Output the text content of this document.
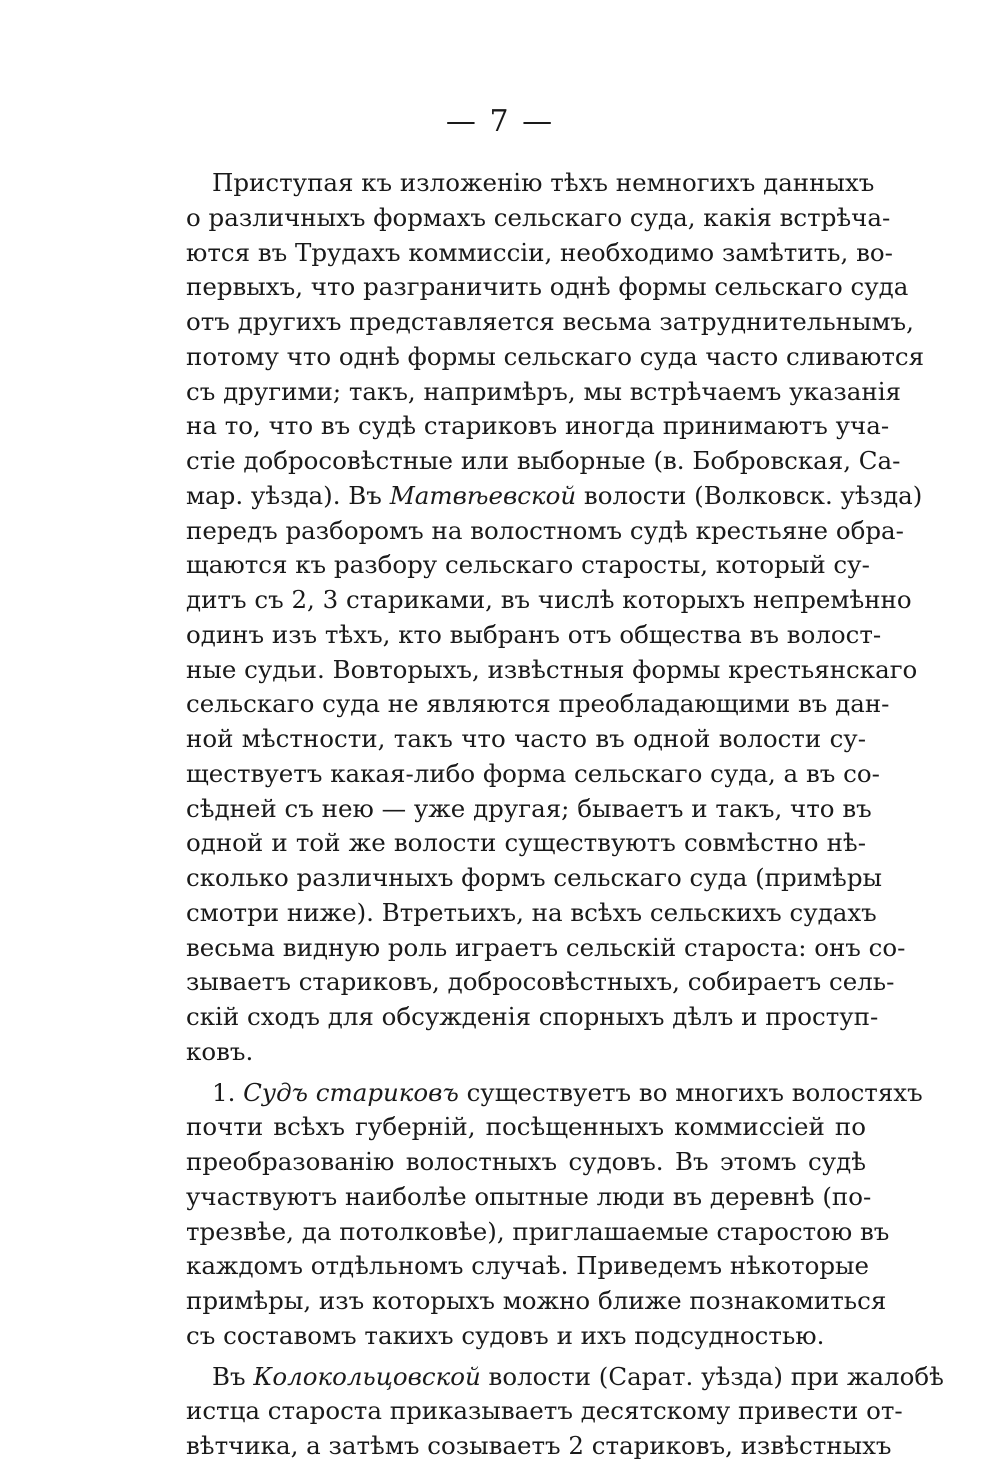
— 7 —
Приступая къ изложенію тѣхъ немногихъ данныхъ
о различныхъ формахъ сельскаго суда, какія встрѣча-
ются въ Трудахъ коммиссіи, необходимо замѣтить, во-
первыхъ, что разграничить однѣ формы сельскаго суда
отъ другихъ представляется весьма затруднительнымъ,
потому что однѣ формы сельскаго суда часто сливаются
съ другими; такъ, напримѣръ, мы встрѣчаемъ указанія
на то, что въ судѣ стариковъ иногда принимаютъ уча-
стіе добросовѣстные или выборные (в. Бобровская, Са-
мар. уѣзда). Въ Матвѣевской волости (Волковск. уѣзда)
передъ разборомъ на волостномъ судѣ крестьяне обра-
щаются къ разбору сельскаго старосты, который су-
дитъ съ 2, 3 стариками, въ числѣ которыхъ непремѣнно
одинъ изъ тѣхъ, кто выбранъ отъ общества въ волост-
ные судьи. Вовторыхъ, извѣстныя формы крестьянскаго
сельскаго суда не являются преобладающими въ дан-
ной мѣстности, такъ что часто въ одной волости су-
ществуетъ какая-либо форма сельскаго суда, а въ со-
сѣдней съ нею — уже другая; бываетъ и такъ, что въ
одной и той же волости существуютъ совмѣстно нѣ-
сколько различныхъ формъ сельскаго суда (примѣры
смотри ниже). Втретьихъ, на всѣхъ сельскихъ судахъ
весьма видную роль играетъ сельскій староста: онъ со-
зываетъ стариковъ, добросовѣстныхъ, собираетъ сель-
скій сходъ для обсужденія спорныхъ дѣлъ и проступ-
ковъ.
1. Судъ стариковъ существуетъ во многихъ волостяхъ
почти всѣхъ губерній, посѣщенныхъ коммиссіей по
преобразованію волостныхъ судовъ. Въ этомъ судѣ
участвуютъ наиболѣе опытные люди въ деревнѣ (по-
трезвѣе, да потолковѣе), приглашаемые старостою въ
каждомъ отдѣльномъ случаѣ. Приведемъ нѣкоторые
примѣры, изъ которыхъ можно ближе познакомиться
съ составомъ такихъ судовъ и ихъ подсудностью.
Въ Колокольцовской волости (Сарат. уѣзда) при жалобѣ
истца староста приказываетъ десятскому привести от-
вѣтчика, а затѣмъ созываетъ 2 стариковъ, извѣстныхъ
